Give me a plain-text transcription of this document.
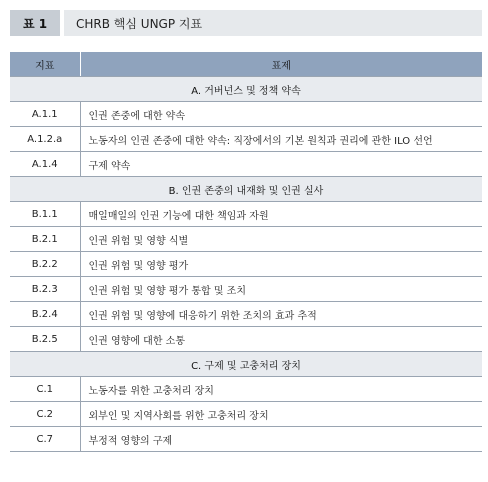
표 1	CHRB 핵심 UNGP 지표
지표	표제
A. 거버넌스 및 정책 약속	
A.1.1	인권 존중에 대한 약속
A.1.2.a	노동자의 인권 존중에 대한 약속: 직장에서의 기본 원칙과 권리에 관한 ILO 선언
A.1.4	구제 약속
B. 인권 존중의 내재화 및 인권 실사	
B.1.1	매일매일의 인권 기능에 대한 책임과 자원
B.2.1	인권 위험 및 영향 식별
B.2.2	인권 위험 및 영향 평가
B.2.3	인권 위험 및 영향 평가 통합 및 조치
B.2.4	인권 위험 및 영향에 대응하기 위한 조치의 효과 추적
B.2.5	인권 영향에 대한 소통
C. 구제 및 고충처리 장치	
C.1	노동자를 위한 고충처리 장치
C.2	외부인 및 지역사회를 위한 고충처리 장치
C.7	부정적 영향의 구제
